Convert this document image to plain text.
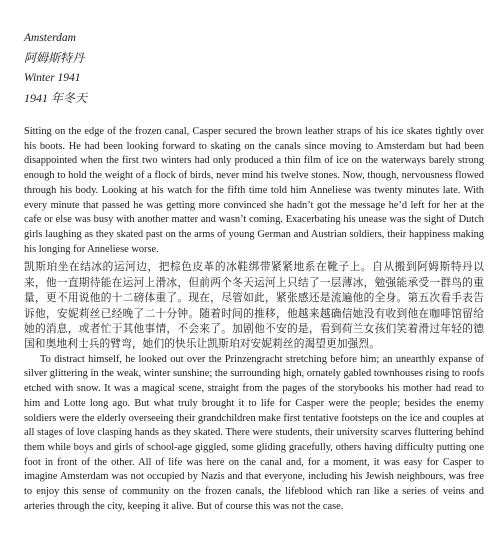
Amsterdam

阿姆斯特丹

Winter 1941

1941 年冬天

Sitting on the edge of the frozen canal, Casper secured the brown leather straps of his ice skates tightly over his boots. He had been looking forward to skating on the canals since moving to Amsterdam but had been disappointed when the first two winters had only produced a thin film of ice on the waterways barely strong enough to hold the weight of a flock of birds, never mind his twelve stones. Now, though, nervousness flowed through his body. Looking at his watch for the fifth time told him Anneliese was twenty minutes late. With every minute that passed he was getting more convinced she hadn’t got the message he’d left for her at the cafe or else was busy with another matter and wasn’t coming. Exacerbating his unease was the sight of Dutch girls laughing as they skated past on the arms of young German and Austrian soldiers, their happiness making his longing for Anneliese worse.

凯斯珀坐在结冰的运河边，把棕色皮革的冰鞋绑带紧紧地系在靴子上。自从搬到阿姆斯特丹以来，他一直期待能在运河上滑冰，但前两个冬天运河上只结了一层薄冰，勉强能承受一群鸟的重量，更不用说他的十二磅体重了。现在，尽管如此，紧张感还是流遍他的全身。第五次看手表告诉他，安妮莉丝已经晚了二十分钟。随着时间的推移，他越来越确信她没有收到他在咖啡馆留给她的消息，或者忙于其他事情，不会来了。加剧他不安的是，看到荷兰女孩们笑着滑过年轻的德国和奥地利士兵的臂弯，她们的快乐让凯斯珀对安妮莉丝的渴望更加强烈。

To distract himself, he looked out over the Prinzengracht stretching before him; an unearthly expanse of silver glittering in the weak, winter sunshine; the surrounding high, ornately gabled townhouses rising to roofs etched with snow. It was a magical scene, straight from the pages of the storybooks his mother had read to him and Lotte long ago. But what truly brought it to life for Casper were the people; besides the enemy soldiers were the elderly overseeing their grandchildren make first tentative footsteps on the ice and couples at all stages of love clasping hands as they skated. There were students, their university scarves fluttering behind them while boys and girls of school-age giggled, some gliding gracefully, others having difficulty putting one foot in front of the other. All of life was here on the canal and, for a moment, it was easy for Casper to imagine Amsterdam was not occupied by Nazis and that everyone, including his Jewish neighbours, was free to enjoy this sense of community on the frozen canals, the lifeblood which ran like a series of veins and arteries through the city, keeping it alive. But of course this was not the case.
